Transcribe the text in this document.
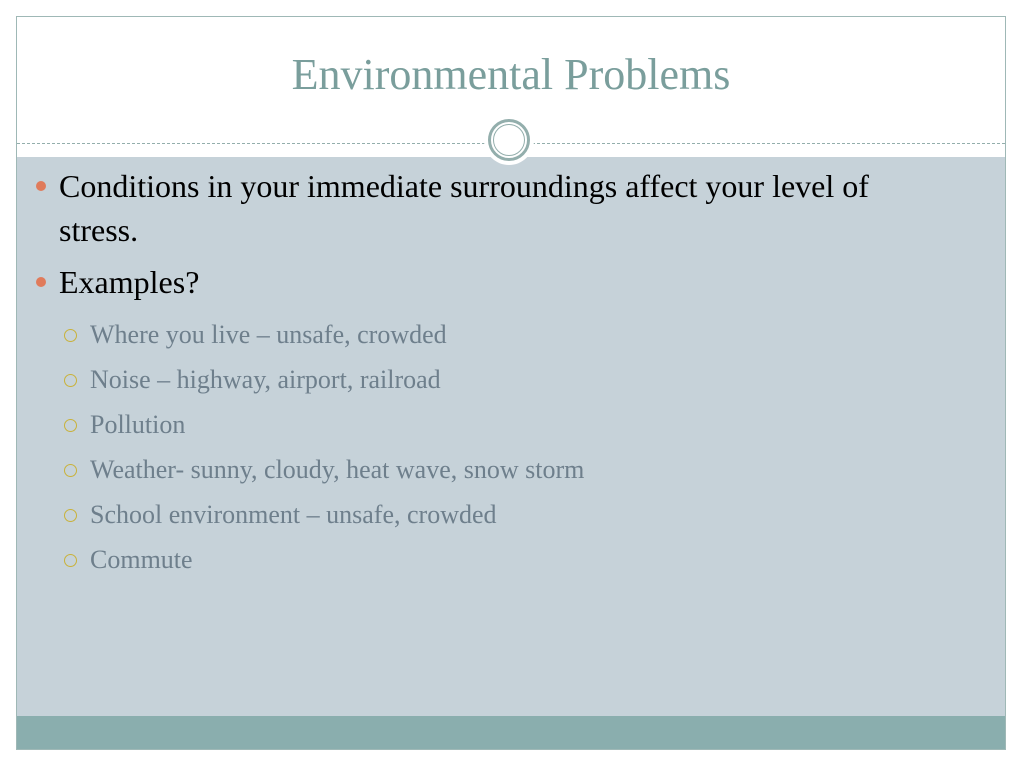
Environmental Problems
Conditions in your immediate surroundings affect your level of stress.
Examples?
Where you live – unsafe, crowded
Noise – highway, airport, railroad
Pollution
Weather- sunny, cloudy, heat wave, snow storm
School environment – unsafe, crowded
Commute
